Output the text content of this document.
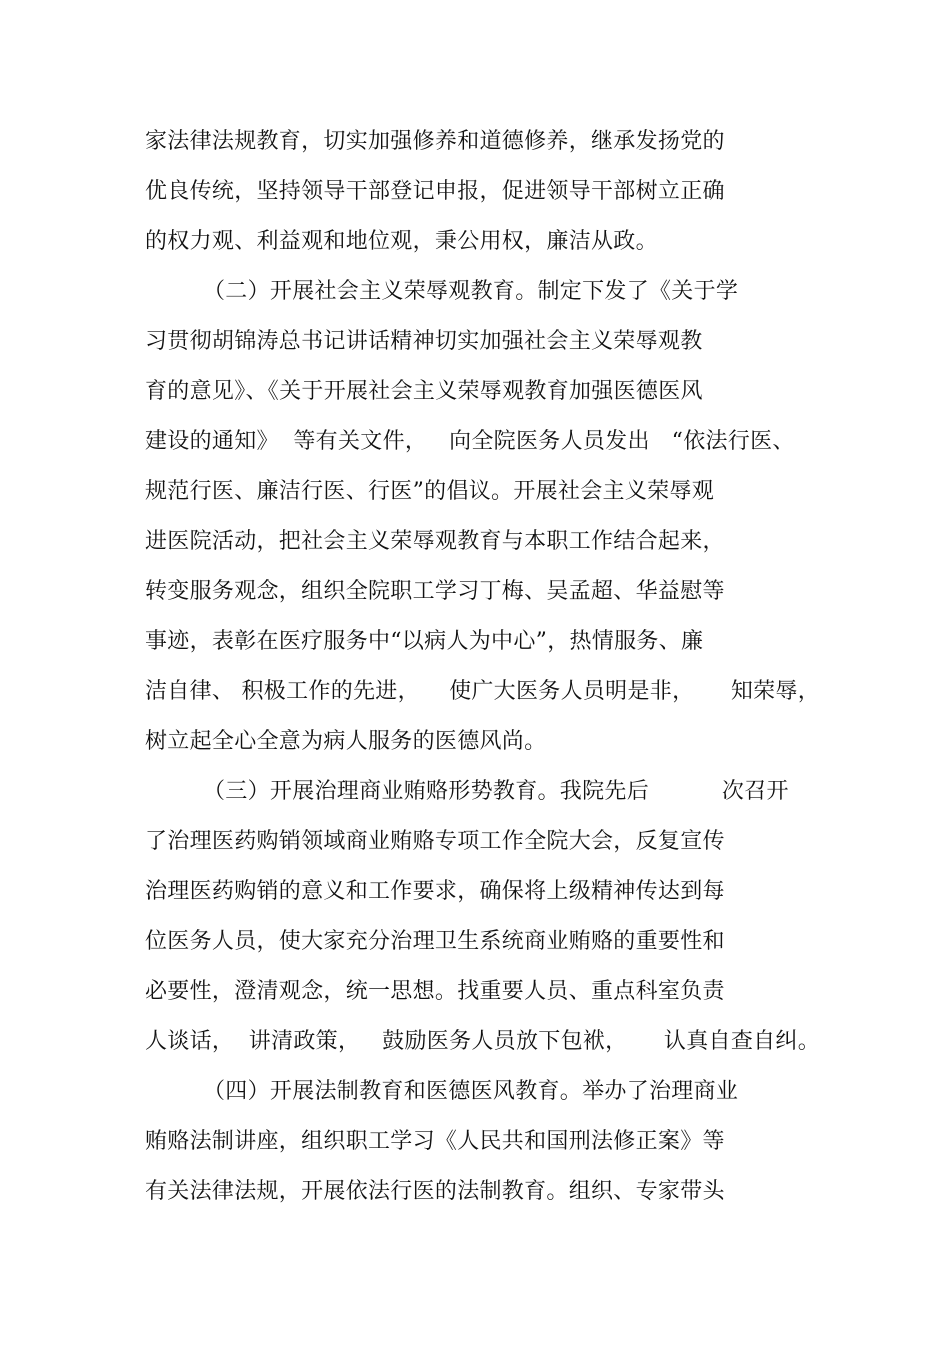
家法律法规教育，切实加强修养和道德修养，继承发扬党的

优良传统，坚持领导干部登记申报，促进领导干部树立正确

的权力观、利益观和地位观，秉公用权，廉洁从政。

（二）开展社会主义荣辱观教育。制定下发了《关于学

习贯彻胡锦涛总书记讲话精神切实加强社会主义荣辱观教

育的意见》、《关于开展社会主义荣辱观教育加强医德医风

建设的通知》  等有关文件，   向全院医务人员发出   “依法行医、

规范行医、廉洁行医、行医”的倡议。开展社会主义荣辱观

进医院活动，把社会主义荣辱观教育与本职工作结合起来，

转变服务观念，组织全院职工学习丁梅、吴孟超、华益慰等

事迹，表彰在医疗服务中“以病人为中心”，热情服务、廉

洁自律、 积极工作的先进，    使广大医务人员明是非，     知荣辱，

树立起全心全意为病人服务的医德风尚。

（三）开展治理商业贿赂形势教育。我院先后          次召开

了治理医药购销领域商业贿赂专项工作全院大会，反复宣传

治理医药购销的意义和工作要求，确保将上级精神传达到每

位医务人员，使大家充分治理卫生系统商业贿赂的重要性和

必要性，澄清观念，统一思想。找重要人员、重点科室负责

人谈话，  讲清政策，   鼓励医务人员放下包袱，     认真自查自纠。

（四）开展法制教育和医德医风教育。举办了治理商业

贿赂法制讲座，组织职工学习《人民共和国刑法修正案》等

有关法律法规，开展依法行医的法制教育。组织、专家带头
